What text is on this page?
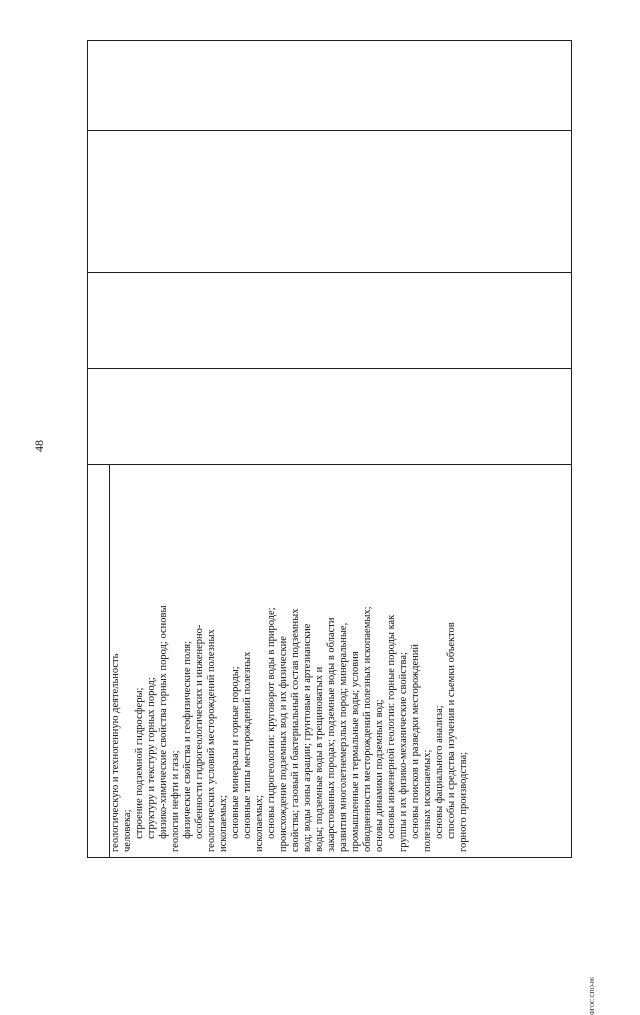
48
ФГОС СПО-06
геологическую и техногенную деятельность человека; строение подземной гидросферы; структуру и текстуру горных пород; физико-химические свойства горных пород; основы геологии нефти и газа; физические свойства и геофизические поля; особенности гидрогеологических и инженерно- геологических условий месторождений полезных ископаемых; основные минералы и горные породы; основные типы месторождений полезных ископаемых; основы гидрогеологии: круговорот воды в природе; происхождение подземных вод и их физические свойства; газовый и бактериальный состав подземных вод; воды зоны аэрации; грунтовые и артезианские воды; подземные воды в трещиноватых и закарстованных породах; подземные воды в области развития многолетнемерзлых пород; минеральные, промышленные и термальные воды; условия обводненности месторождений полезных ископаемых; основы динамики подземных вод; основы инженерной геологии: горные породы как группы и их физико-механические свойства; основы поисков и разведки месторождений полезных ископаемых; основы фациального анализа; способы и средства изучения и съемки объектов горного производства;
